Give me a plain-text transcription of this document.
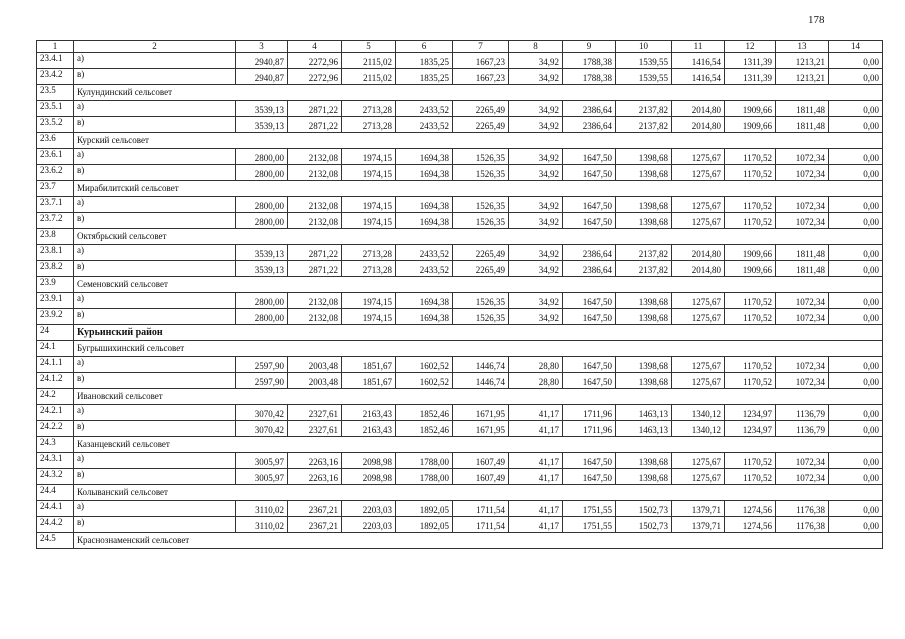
178
1	2	3	4	5	6	7	8	9	10	11	12	13	14
23.4.1	а)	2940,87	2272,96	2115,02	1835,25	1667,23	34,92	1788,38	1539,55	1416,54	1311,39	1213,21	0,00
23.4.2	в)	2940,87	2272,96	2115,02	1835,25	1667,23	34,92	1788,38	1539,55	1416,54	1311,39	1213,21	0,00
23.5	Кулундинский сельсовет												
23.5.1	а)	3539,13	2871,22	2713,28	2433,52	2265,49	34,92	2386,64	2137,82	2014,80	1909,66	1811,48	0,00
23.5.2	в)	3539,13	2871,22	2713,28	2433,52	2265,49	34,92	2386,64	2137,82	2014,80	1909,66	1811,48	0,00
23.6	Курский сельсовет												
23.6.1	а)	2800,00	2132,08	1974,15	1694,38	1526,35	34,92	1647,50	1398,68	1275,67	1170,52	1072,34	0,00
23.6.2	в)	2800,00	2132,08	1974,15	1694,38	1526,35	34,92	1647,50	1398,68	1275,67	1170,52	1072,34	0,00
23.7	Мирабилитский сельсовет												
23.7.1	а)	2800,00	2132,08	1974,15	1694,38	1526,35	34,92	1647,50	1398,68	1275,67	1170,52	1072,34	0,00
23.7.2	в)	2800,00	2132,08	1974,15	1694,38	1526,35	34,92	1647,50	1398,68	1275,67	1170,52	1072,34	0,00
23.8	Октябрьский сельсовет												
23.8.1	а)	3539,13	2871,22	2713,28	2433,52	2265,49	34,92	2386,64	2137,82	2014,80	1909,66	1811,48	0,00
23.8.2	в)	3539,13	2871,22	2713,28	2433,52	2265,49	34,92	2386,64	2137,82	2014,80	1909,66	1811,48	0,00
23.9	Семеновский сельсовет												
23.9.1	а)	2800,00	2132,08	1974,15	1694,38	1526,35	34,92	1647,50	1398,68	1275,67	1170,52	1072,34	0,00
23.9.2	в)	2800,00	2132,08	1974,15	1694,38	1526,35	34,92	1647,50	1398,68	1275,67	1170,52	1072,34	0,00
24	Курьинский район												
24.1	Бугрышихинский сельсовет												
24.1.1	а)	2597,90	2003,48	1851,67	1602,52	1446,74	28,80	1647,50	1398,68	1275,67	1170,52	1072,34	0,00
24.1.2	в)	2597,90	2003,48	1851,67	1602,52	1446,74	28,80	1647,50	1398,68	1275,67	1170,52	1072,34	0,00
24.2	Ивановский сельсовет												
24.2.1	а)	3070,42	2327,61	2163,43	1852,46	1671,95	41,17	1711,96	1463,13	1340,12	1234,97	1136,79	0,00
24.2.2	в)	3070,42	2327,61	2163,43	1852,46	1671,95	41,17	1711,96	1463,13	1340,12	1234,97	1136,79	0,00
24.3	Казанцевский сельсовет												
24.3.1	а)	3005,97	2263,16	2098,98	1788,00	1607,49	41,17	1647,50	1398,68	1275,67	1170,52	1072,34	0,00
24.3.2	в)	3005,97	2263,16	2098,98	1788,00	1607,49	41,17	1647,50	1398,68	1275,67	1170,52	1072,34	0,00
24.4	Колыванский сельсовет												
24.4.1	а)	3110,02	2367,21	2203,03	1892,05	1711,54	41,17	1751,55	1502,73	1379,71	1274,56	1176,38	0,00
24.4.2	в)	3110,02	2367,21	2203,03	1892,05	1711,54	41,17	1751,55	1502,73	1379,71	1274,56	1176,38	0,00
24.5	Краснознаменский сельсовет												
